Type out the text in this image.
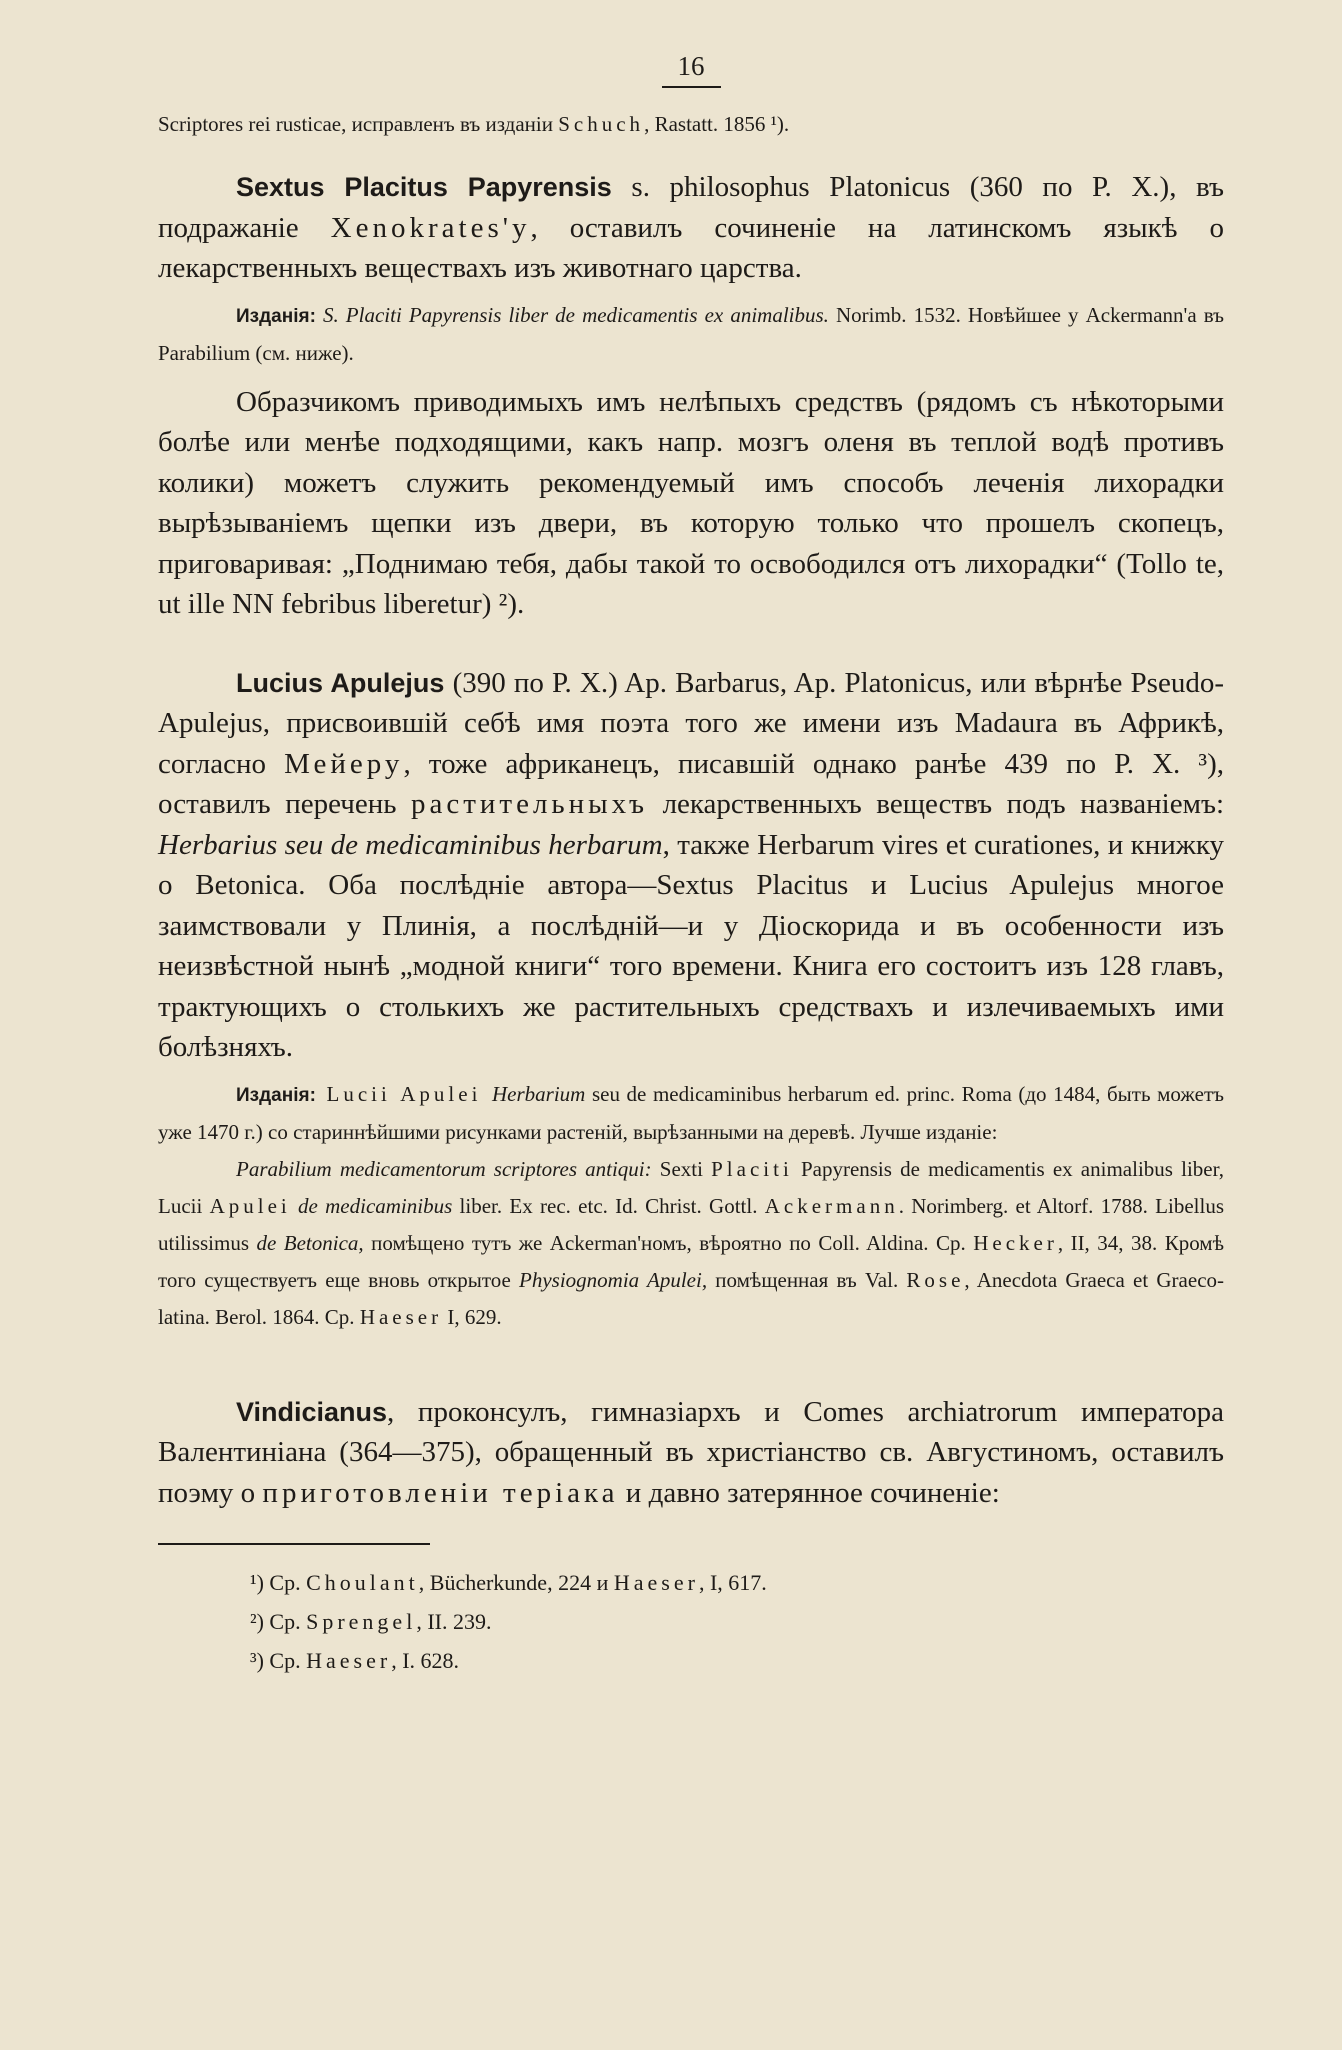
16

Scriptores rei rusticae, исправленъ въ изданіи Schuch, Rastatt. 1856 ¹).

Sextus Placitus Papyrensis s. philosophus Platonicus (360 по Р. X.), въ подражаніе Xenokrates'у, оставилъ сочиненіе на латинскомъ языкѣ о лекарственныхъ веществахъ изъ животнаго царства.

Изданія: S. Placiti Papyrensis liber de medicamentis ex animalibus. Norimb. 1532. Новѣйшее у Ackermann'a въ Parabilium (см. ниже).

Образчикомъ приводимыхъ имъ нелѣпыхъ средствъ (рядомъ съ нѣкоторыми болѣе или менѣе подходящими, какъ напр. мозгъ оленя въ теплой водѣ противъ колики) можетъ служить рекомендуемый имъ способъ леченія лихорадки вырѣзываніемъ щепки изъ двери, въ которую только что прошелъ скопецъ, приговаривая: „Поднимаю тебя, дабы такой то освободился отъ лихорадки“ (Tollo te, ut ille NN febribus liberetur) ²).

Lucius Apulejus (390 по Р. X.) Ap. Barbarus, Ap. Platonicus, или вѣрнѣе Pseudo-Apulejus, присвоившій себѣ имя поэта того же имени изъ Madaura въ Африкѣ, согласно Мейеру, тоже африканецъ, писавшій однако ранѣе 439 по Р. X. ³), оставилъ перечень растительныхъ лекарственныхъ веществъ подъ названіемъ: Herbarius seu de medicaminibus herbarum, также Herbarum vires et curationes, и книжку о Betonica. Оба послѣдніе автора—Sextus Placitus и Lucius Apulejus многое заимствовали у Плинія, а послѣдній—и у Діоскорида и въ особенности изъ неизвѣстной нынѣ „модной книги“ того времени. Книга его состоитъ изъ 128 главъ, трактующихъ о столькихъ же растительныхъ средствахъ и излечиваемыхъ ими болѣзняхъ.

Изданія: Lucii Apulei Herbarium seu de medicaminibus herbarum ed. princ. Roma (до 1484, быть можетъ уже 1470 г.) со стариннѣйшими рисунками растеній, вырѣзанными на деревѣ. Лучше изданіе:

Parabilium medicamentorum scriptores antiqui: Sexti Placiti Papyrensis de medicamentis ex animalibus liber, Lucii Apulei de medicaminibus liber. Ex rec. etc. Id. Christ. Gottl. Ackermann. Norimberg. et Altorf. 1788. Libellus utilissimus de Betonica, помѣщено тутъ же Ackerman'номъ, вѣроятно по Coll. Aldina. Cp. Hecker, II, 34, 38. Кромѣ того существуетъ еще вновь открытое Physiognomia Apulei, помѣщенная въ Val. Rose, Anecdota Graeca et Graeco-latina. Berol. 1864. Cp. Haeser I, 629.

Vindicianus, проконсулъ, гимназіархъ и Comes archiatrorum императора Валентиніана (364—375), обращенный въ христіанство св. Августиномъ, оставилъ поэму о приготовленіи теріака и давно затерянное сочиненіе:

¹) Cp. Choulant, Bücherkunde, 224 и Haeser, I, 617.

²) Cp. Sprengel, II. 239.

³) Cp. Haeser, I. 628.
